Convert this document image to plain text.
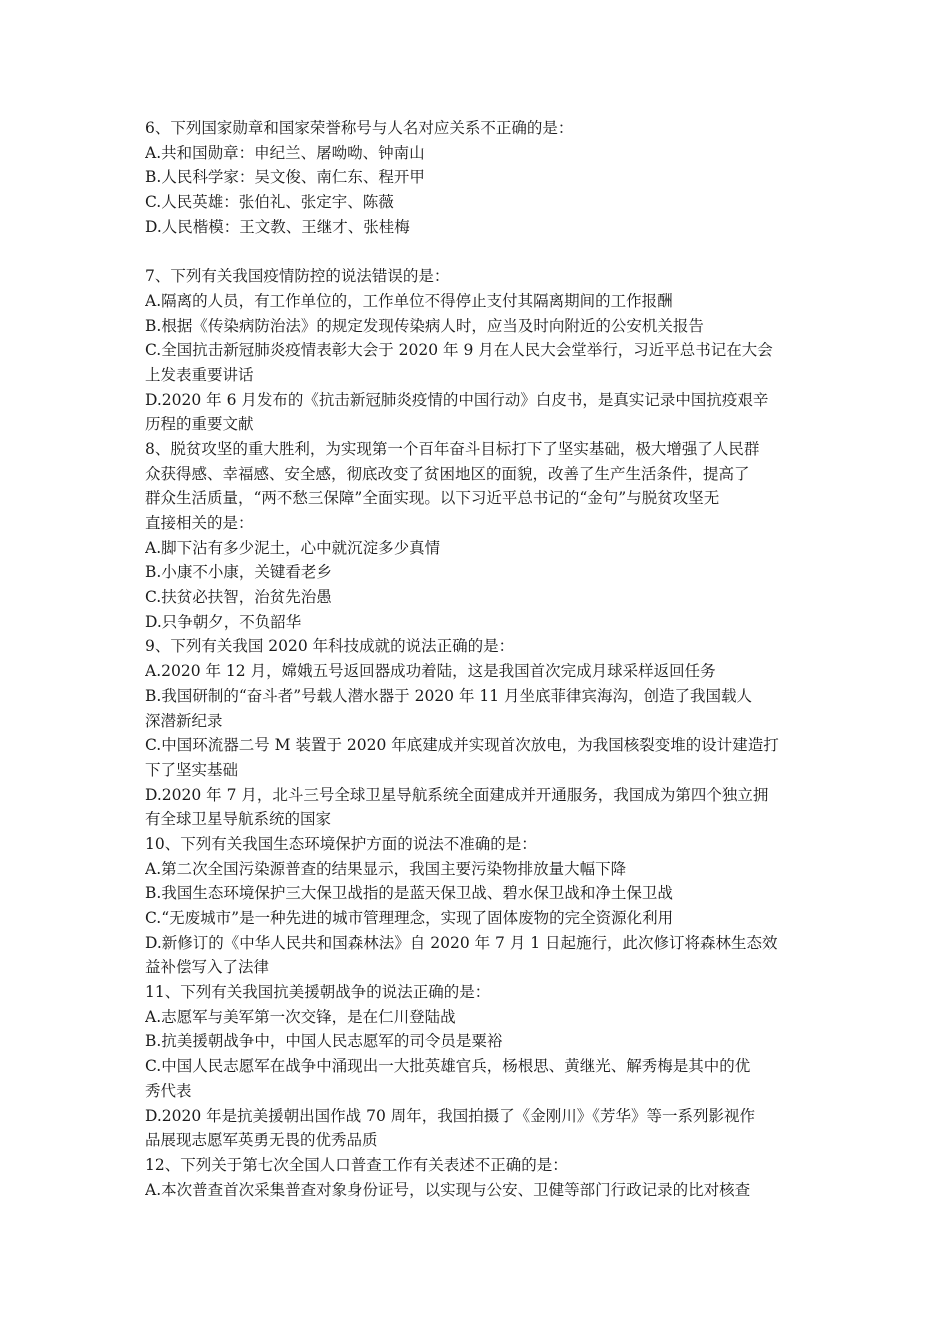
6、下列国家勋章和国家荣誉称号与人名对应关系不正确的是：
A.共和国勋章：申纪兰、屠呦呦、钟南山
B.人民科学家：吴文俊、南仁东、程开甲
C.人民英雄：张伯礼、张定宇、陈薇
D.人民楷模：王文教、王继才、张桂梅
7、下列有关我国疫情防控的说法错误的是：
A.隔离的人员，有工作单位的，工作单位不得停止支付其隔离期间的工作报酬
B.根据《传染病防治法》的规定发现传染病人时，应当及时向附近的公安机关报告
C.全国抗击新冠肺炎疫情表彰大会于 2020 年 9 月在人民大会堂举行，习近平总书记在大会
上发表重要讲话
D.2020 年 6 月发布的《抗击新冠肺炎疫情的中国行动》白皮书，是真实记录中国抗疫艰辛
历程的重要文献
8、脱贫攻坚的重大胜利，为实现第一个百年奋斗目标打下了坚实基础，极大增强了人民群
众获得感、幸福感、安全感，彻底改变了贫困地区的面貌，改善了生产生活条件，提高了
群众生活质量，“两不愁三保障”全面实现。以下习近平总书记的“金句”与脱贫攻坚无
直接相关的是：
A.脚下沾有多少泥土，心中就沉淀多少真情
B.小康不小康，关键看老乡
C.扶贫必扶智，治贫先治愚
D.只争朝夕，不负韶华
9、下列有关我国 2020 年科技成就的说法正确的是：
A.2020 年 12 月，嫦娥五号返回器成功着陆，这是我国首次完成月球采样返回任务
B.我国研制的“奋斗者”号载人潜水器于 2020 年 11 月坐底菲律宾海沟，创造了我国载人
深潜新纪录
C.中国环流器二号 M 装置于 2020 年底建成并实现首次放电，为我国核裂变堆的设计建造打
下了坚实基础
D.2020 年 7 月，北斗三号全球卫星导航系统全面建成并开通服务，我国成为第四个独立拥
有全球卫星导航系统的国家
10、下列有关我国生态环境保护方面的说法不准确的是：
A.第二次全国污染源普查的结果显示，我国主要污染物排放量大幅下降
B.我国生态环境保护三大保卫战指的是蓝天保卫战、碧水保卫战和净土保卫战
C.“无废城市”是一种先进的城市管理理念，实现了固体废物的完全资源化利用
D.新修订的《中华人民共和国森林法》自 2020 年 7 月 1 日起施行，此次修订将森林生态效
益补偿写入了法律
11、下列有关我国抗美援朝战争的说法正确的是：
A.志愿军与美军第一次交锋，是在仁川登陆战
B.抗美援朝战争中，中国人民志愿军的司令员是粟裕
C.中国人民志愿军在战争中涌现出一大批英雄官兵，杨根思、黄继光、解秀梅是其中的优
秀代表
D.2020 年是抗美援朝出国作战 70 周年，我国拍摄了《金刚川》《芳华》等一系列影视作
品展现志愿军英勇无畏的优秀品质
12、下列关于第七次全国人口普查工作有关表述不正确的是：
A.本次普查首次采集普查对象身份证号，以实现与公安、卫健等部门行政记录的比对核查
